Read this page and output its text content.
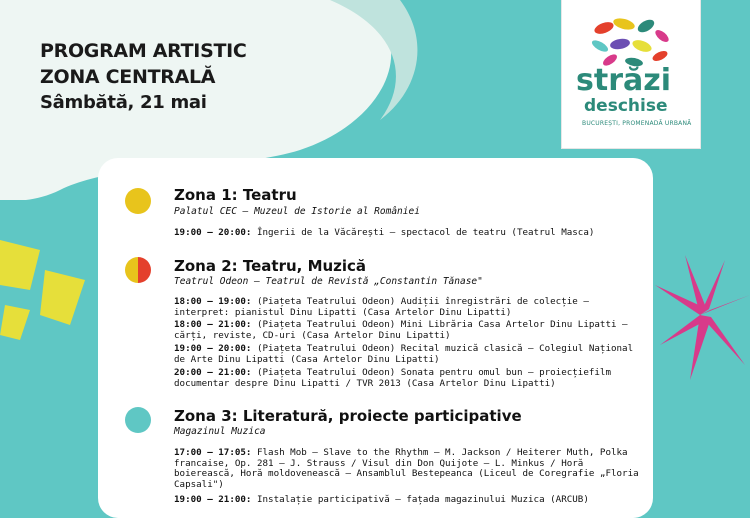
PROGRAM ARTISTIC
ZONA CENTRALĂ
Sâmbătă, 21 mai
străzi
deschise
BUCUREȘTI, PROMENADĂ URBANĂ
Zona 1: Teatru
Palatul CEC – Muzeul de Istorie al României
19:00 – 20:00: Îngerii de la Văcărești – spectacol de teatru (Teatrul Masca)
Zona 2: Teatru, Muzică
Teatrul Odeon – Teatrul de Revistă „Constantin Tănase"
18:00 – 19:00: (Piațeta Teatrului Odeon) Audiții înregistrări de colecție – interpret: pianistul Dinu Lipatti (Casa Artelor Dinu Lipatti)
18:00 – 21:00: (Piațeta Teatrului Odeon) Mini Librăria Casa Artelor Dinu Lipatti – cărți, reviste, CD-uri (Casa Artelor Dinu Lipatti)
19:00 – 20:00: (Piațeta Teatrului Odeon) Recital muzică clasică – Colegiul Național de Arte Dinu Lipatti (Casa Artelor Dinu Lipatti)
20:00 – 21:00: (Piațeta Teatrului Odeon) Sonata pentru omul bun – proiecțiefilm documentar despre Dinu Lipatti / TVR 2013 (Casa Artelor Dinu Lipatti)
Zona 3: Literatură, proiecte participative
Magazinul Muzica
17:00 – 17:05: Flash Mob – Slave to the Rhythm – M. Jackson / Heiterer Muth, Polka francaise, Op. 281 – J. Strauss / Visul din Don Quijote – L. Minkus / Horă boierească, Horă moldovenească – Ansamblul Bestepeanca (Liceul de Coregrafie „Floria Capsali")
19:00 – 21:00: Instalație participativă – fațada magazinului Muzica (ARCUB)
